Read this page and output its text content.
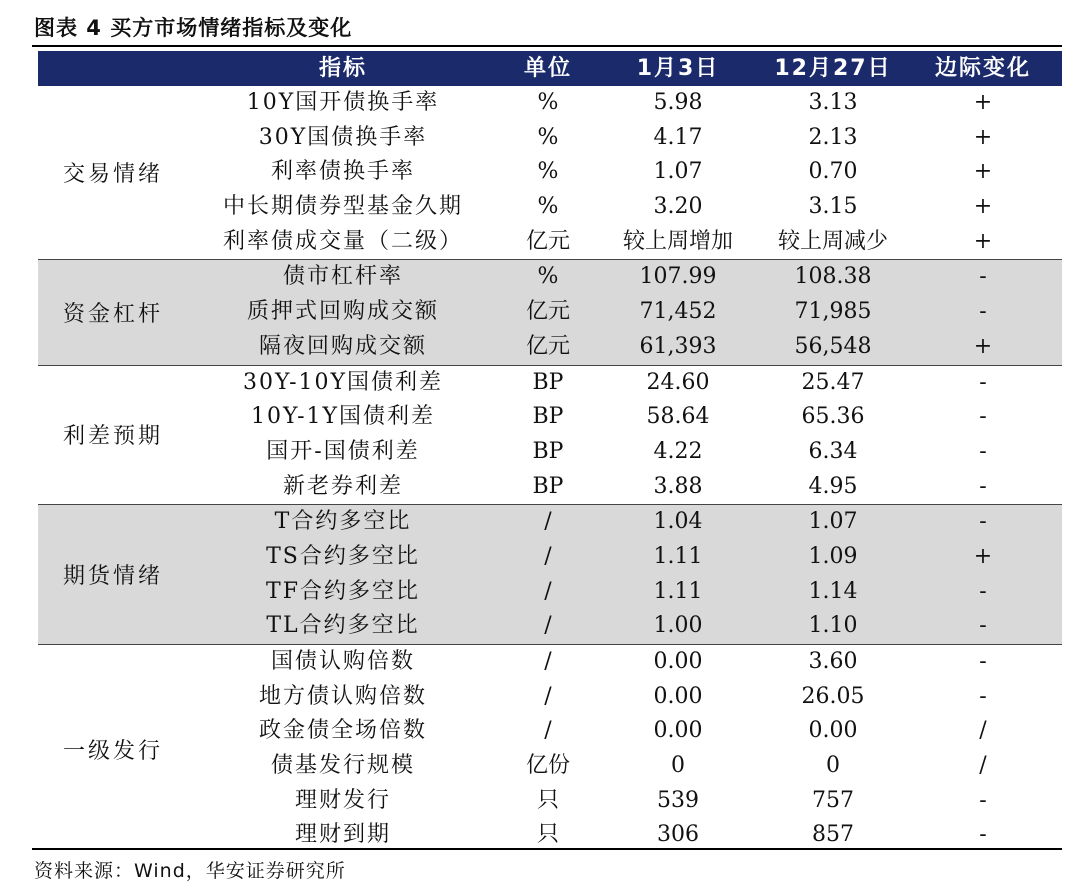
图表 4 买方市场情绪指标及变化
指标	单位	1月3日	12月27日	边际变化
交易情绪
10Y国开债换手率	%	5.98	3.13	+
30Y国债换手率	%	4.17	2.13	+
利率债换手率	%	1.07	0.70	+
中长期债券型基金久期	%	3.20	3.15	+
利率债成交量（二级）	亿元	较上周增加	较上周减少	+
资金杠杆
债市杠杆率	%	107.99	108.38	-
质押式回购成交额	亿元	71,452	71,985	-
隔夜回购成交额	亿元	61,393	56,548	+
利差预期
30Y-10Y国债利差	BP	24.60	25.47	-
10Y-1Y国债利差	BP	58.64	65.36	-
国开-国债利差	BP	4.22	6.34	-
新老券利差	BP	3.88	4.95	-
期货情绪
T合约多空比	/	1.04	1.07	-
TS合约多空比	/	1.11	1.09	+
TF合约多空比	/	1.11	1.14	-
TL合约多空比	/	1.00	1.10	-
一级发行
国债认购倍数	/	0.00	3.60	-
地方债认购倍数	/	0.00	26.05	-
政金债全场倍数	/	0.00	0.00	/
债基发行规模	亿份	0	0	/
理财发行	只	539	757	-
理财到期	只	306	857	-
资料来源：Wind，华安证券研究所
